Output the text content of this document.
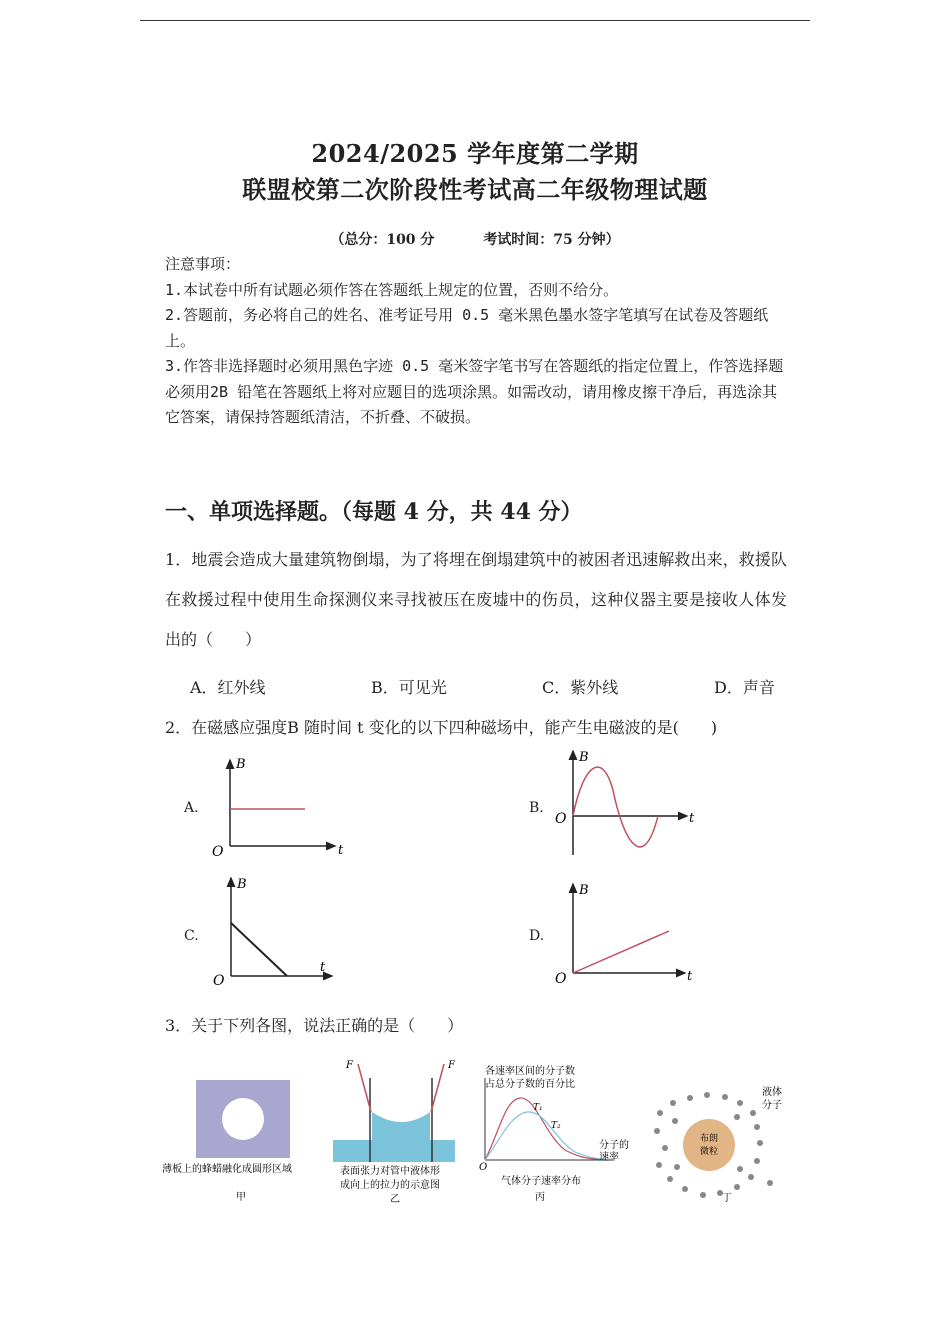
2024/2025 学年度第二学期
联盟校第二次阶段性考试高二年级物理试题
（总分：100 分	考试时间：75 分钟）
注意事项：
1.本试卷中所有试题必须作答在答题纸上规定的位置，否则不给分。
2.答题前，务必将自己的姓名、准考证号用 0.5 毫米黑色墨水签字笔填写在试卷及答题纸上。
3.作答非选择题时必须用黑色字迹 0.5 毫米签字笔书写在答题纸的指定位置上，作答选择题必须用2B 铅笔在答题纸上将对应题目的选项涂黑。如需改动，请用橡皮擦干净后，再选涂其它答案，请保持答题纸清洁，不折叠、不破损。
一、单项选择题。（每题 4 分，共 44 分）
1．地震会造成大量建筑物倒塌，为了将埋在倒塌建筑中的被困者迅速解救出来，救援队在救援过程中使用生命探测仪来寻找被压在废墟中的伤员，这种仪器主要是接收人体发出的（　　）
A．红外线	B．可见光	C．紫外线	D．声音
2．在磁感应强度B 随时间 t 变化的以下四种磁场中，能产生电磁波的是(　　)
A.	B.
C.	D.
B
t
O
B
t
O
B
t
O
B
t
O
3．关于下列各图，说法正确的是（　　）
薄板上的蜂蜡融化成圆形区域
甲
F	F
表面张力对管中液体形
成向上的拉力的示意图
乙
各速率区间的分子数
占总分子数的百分比
T₁
T₂
分子的
速率
O
气体分子速率分布
丙
布朗
微粒
液体
分子
丁
